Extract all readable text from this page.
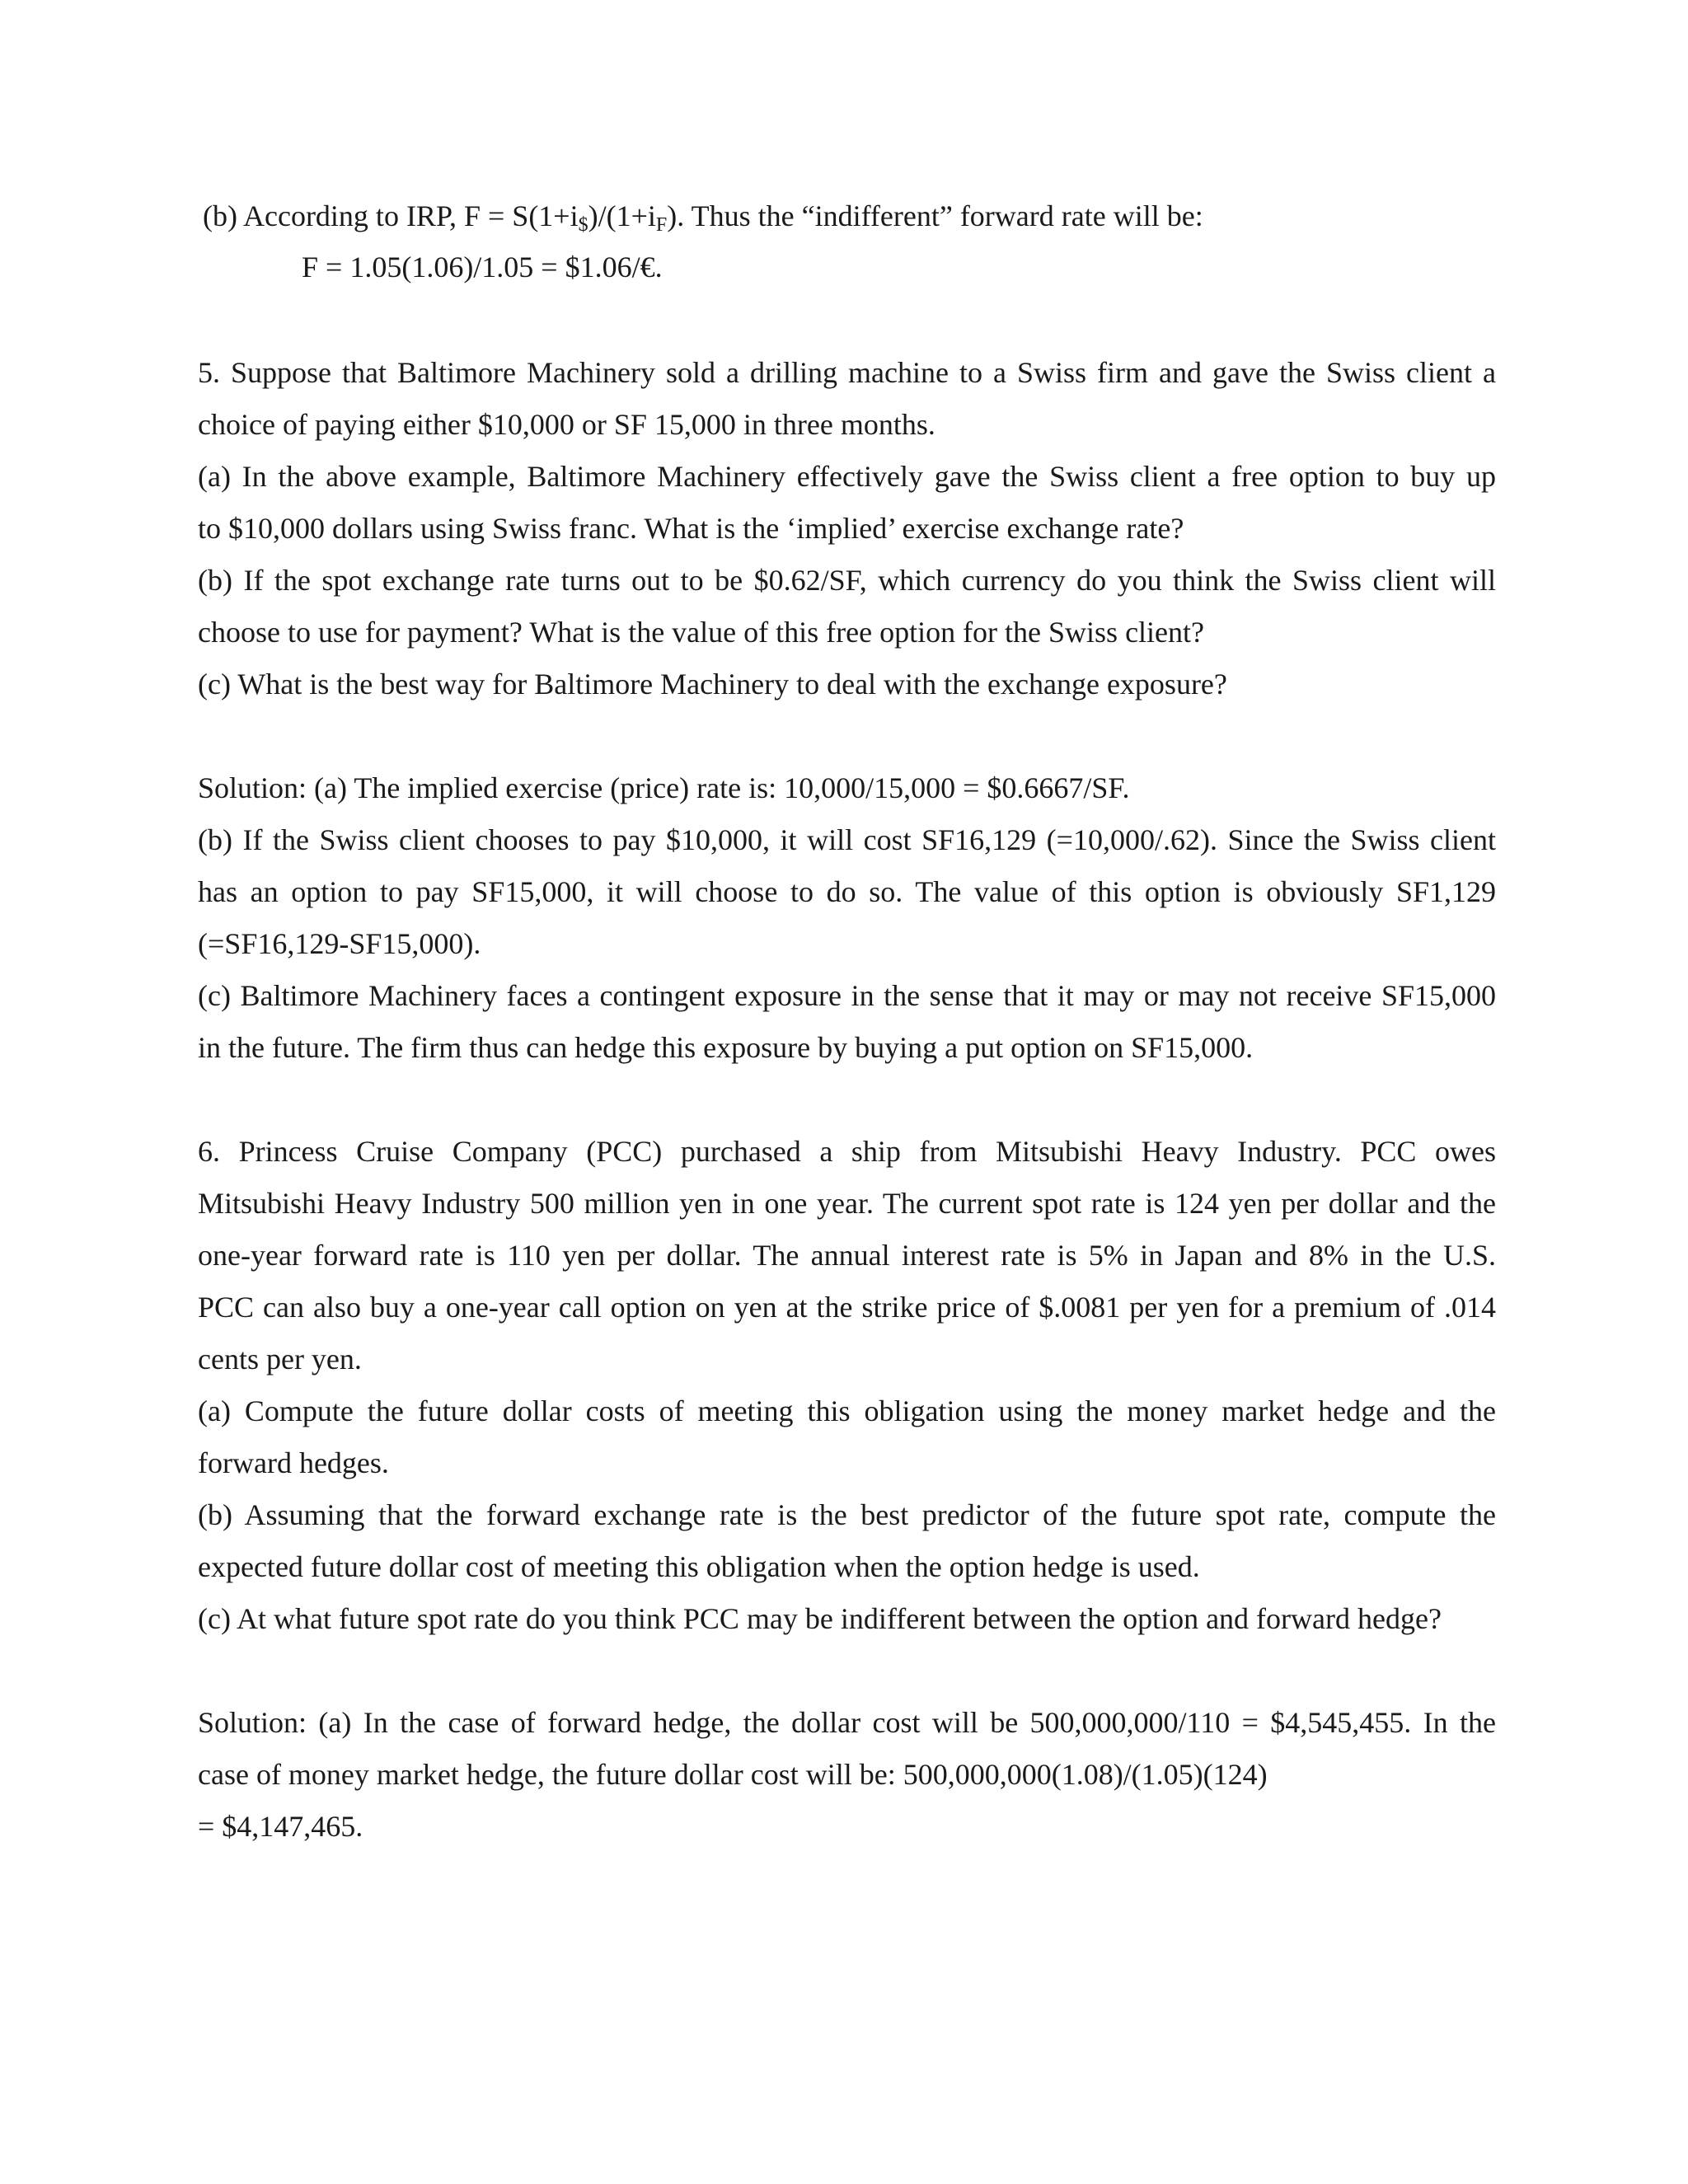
(b) According to IRP, $F = S(1+i_{\$})/(1+i_F)$. Thus the “indifferent” forward rate will be:
F = 1.05(1.06)/1.05 = $1.06/€.
5. Suppose that Baltimore Machinery sold a drilling machine to a Swiss firm and gave the Swiss client a
choice of paying either $10,000 or SF 15,000 in three months.
(a) In the above example, Baltimore Machinery effectively gave the Swiss client a free option to buy up
to $10,000 dollars using Swiss franc. What is the ‘implied’ exercise exchange rate?
(b) If the spot exchange rate turns out to be $0.62/SF, which currency do you think the Swiss client will
choose to use for payment? What is the value of this free option for the Swiss client?
(c) What is the best way for Baltimore Machinery to deal with the exchange exposure?
Solution: (a) The implied exercise (price) rate is: 10,000/15,000 = $0.6667/SF.
(b) If the Swiss client chooses to pay $10,000, it will cost SF16,129 (=10,000/.62). Since the Swiss client
has an option to pay SF15,000, it will choose to do so. The value of this option is obviously SF1,129
(=SF16,129-SF15,000).
(c) Baltimore Machinery faces a contingent exposure in the sense that it may or may not receive SF15,000
in the future. The firm thus can hedge this exposure by buying a put option on SF15,000.
6. Princess Cruise Company (PCC) purchased a ship from Mitsubishi Heavy Industry. PCC owes
Mitsubishi Heavy Industry 500 million yen in one year. The current spot rate is 124 yen per dollar and the
one-year forward rate is 110 yen per dollar. The annual interest rate is 5% in Japan and 8% in the U.S.
PCC can also buy a one-year call option on yen at the strike price of $.0081 per yen for a premium of .014
cents per yen.
(a) Compute the future dollar costs of meeting this obligation using the money market hedge and the
forward hedges.
(b) Assuming that the forward exchange rate is the best predictor of the future spot rate, compute the
expected future dollar cost of meeting this obligation when the option hedge is used.
(c) At what future spot rate do you think PCC may be indifferent between the option and forward hedge?
Solution: (a) In the case of forward hedge, the dollar cost will be 500,000,000/110 = $4,545,455. In the
case of money market hedge, the future dollar cost will be: 500,000,000(1.08)/(1.05)(124)
= $4,147,465.
